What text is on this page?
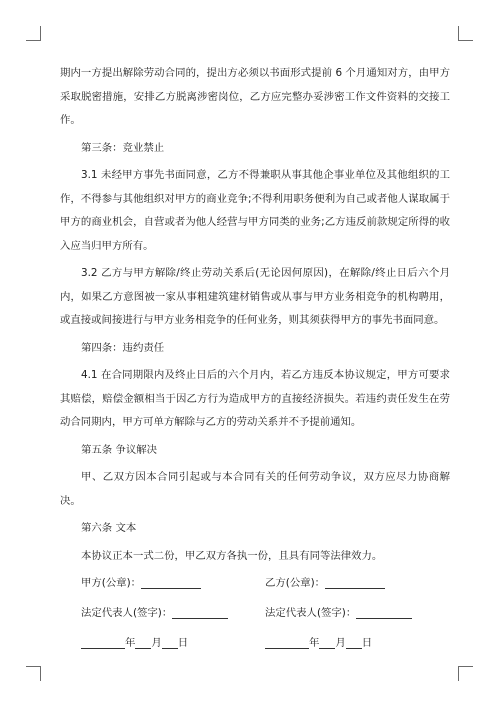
期内一方提出解除劳动合同的，提出方必须以书面形式提前 6 个月通知对方，由甲方采取脱密措施，安排乙方脱离涉密岗位，乙方应完整办妥涉密工作文件资料的交接工作。

第三条：竞业禁止

3.1 未经甲方事先书面同意，乙方不得兼职从事其他企事业单位及其他组织的工作，不得参与其他组织对甲方的商业竞争;不得利用职务便利为自己或者他人谋取属于甲方的商业机会，自营或者为他人经营与甲方同类的业务;乙方违反前款规定所得的收入应当归甲方所有。

3.2 乙方与甲方解除/终止劳动关系后(无论因何原因)，在解除/终止日后六个月内，如果乙方意图被一家从事粗建筑建材销售或从事与甲方业务相竞争的机构聘用，或直接或间接进行与甲方业务相竞争的任何业务，则其须获得甲方的事先书面同意。

第四条：违约责任

4.1 在合同期限内及终止日后的六个月内，若乙方违反本协议规定，甲方可要求其赔偿，赔偿金额相当于因乙方行为造成甲方的直接经济损失。若违约责任发生在劳动合同期内，甲方可单方解除与乙方的劳动关系并不予提前通知。

第五条 争议解决

甲、乙双方因本合同引起或与本合同有关的任何劳动争议，双方应尽力协商解决。

第六条 文本

本协议正本一式二份，甲乙双方各执一份，且具有同等法律效力。

甲方(公章)：	乙方(公章)：
法定代表人(签字)：	法定代表人(签字)：
年 月 日	年 月 日
